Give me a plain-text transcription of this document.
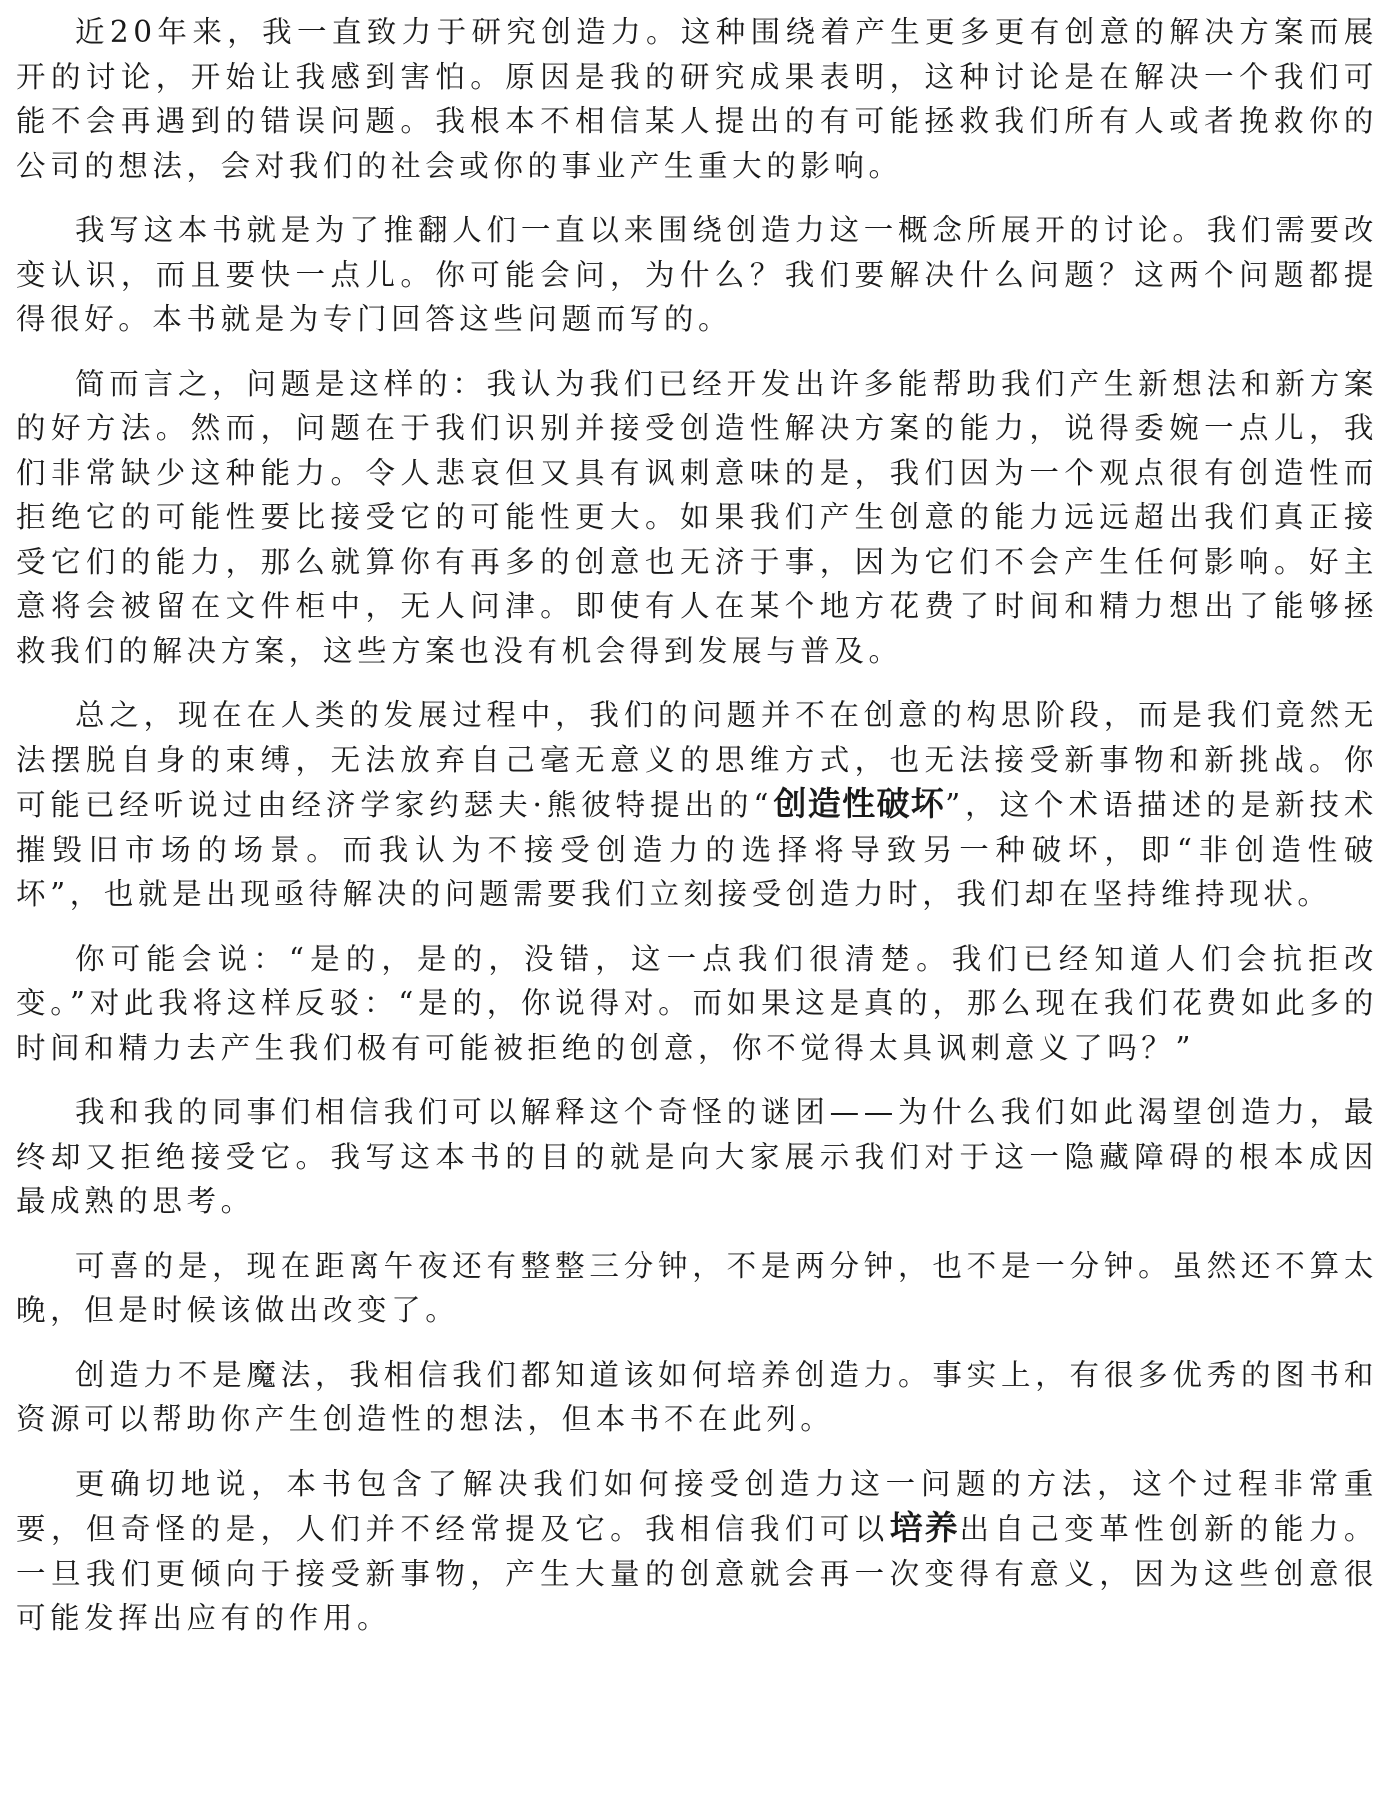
近20年来，我一直致力于研究创造力。这种围绕着产生更多更有创意的解决方案而展开的讨论，开始让我感到害怕。原因是我的研究成果表明，这种讨论是在解决一个我们可能不会再遇到的错误问题。我根本不相信某人提出的有可能拯救我们所有人或者挽救你的公司的想法，会对我们的社会或你的事业产生重大的影响。

我写这本书就是为了推翻人们一直以来围绕创造力这一概念所展开的讨论。我们需要改变认识，而且要快一点儿。你可能会问，为什么？我们要解决什么问题？这两个问题都提得很好。本书就是为专门回答这些问题而写的。

简而言之，问题是这样的：我认为我们已经开发出许多能帮助我们产生新想法和新方案的好方法。然而，问题在于我们识别并接受创造性解决方案的能力，说得委婉一点儿，我们非常缺少这种能力。令人悲哀但又具有讽刺意味的是，我们因为一个观点很有创造性而拒绝它的可能性要比接受它的可能性更大。如果我们产生创意的能力远远超出我们真正接受它们的能力，那么就算你有再多的创意也无济于事，因为它们不会产生任何影响。好主意将会被留在文件柜中，无人问津。即使有人在某个地方花费了时间和精力想出了能够拯救我们的解决方案，这些方案也没有机会得到发展与普及。

总之，现在在人类的发展过程中，我们的问题并不在创意的构思阶段，而是我们竟然无法摆脱自身的束缚，无法放弃自己毫无意义的思维方式，也无法接受新事物和新挑战。你可能已经听说过由经济学家约瑟夫·熊彼特提出的“创造性破坏”，这个术语描述的是新技术摧毁旧市场的场景。而我认为不接受创造力的选择将导致另一种破坏，即“非创造性破坏”，也就是出现亟待解决的问题需要我们立刻接受创造力时，我们却在坚持维持现状。

你可能会说：“是的，是的，没错，这一点我们很清楚。我们已经知道人们会抗拒改变。”对此我将这样反驳：“是的，你说得对。而如果这是真的，那么现在我们花费如此多的时间和精力去产生我们极有可能被拒绝的创意，你不觉得太具讽刺意义了吗？”

我和我的同事们相信我们可以解释这个奇怪的谜团——为什么我们如此渴望创造力，最终却又拒绝接受它。我写这本书的目的就是向大家展示我们对于这一隐藏障碍的根本成因最成熟的思考。

可喜的是，现在距离午夜还有整整三分钟，不是两分钟，也不是一分钟。虽然还不算太晚，但是时候该做出改变了。

创造力不是魔法，我相信我们都知道该如何培养创造力。事实上，有很多优秀的图书和资源可以帮助你产生创造性的想法，但本书不在此列。

更确切地说，本书包含了解决我们如何接受创造力这一问题的方法，这个过程非常重要，但奇怪的是，人们并不经常提及它。我相信我们可以培养出自己变革性创新的能力。一旦我们更倾向于接受新事物，产生大量的创意就会再一次变得有意义，因为这些创意很可能发挥出应有的作用。
